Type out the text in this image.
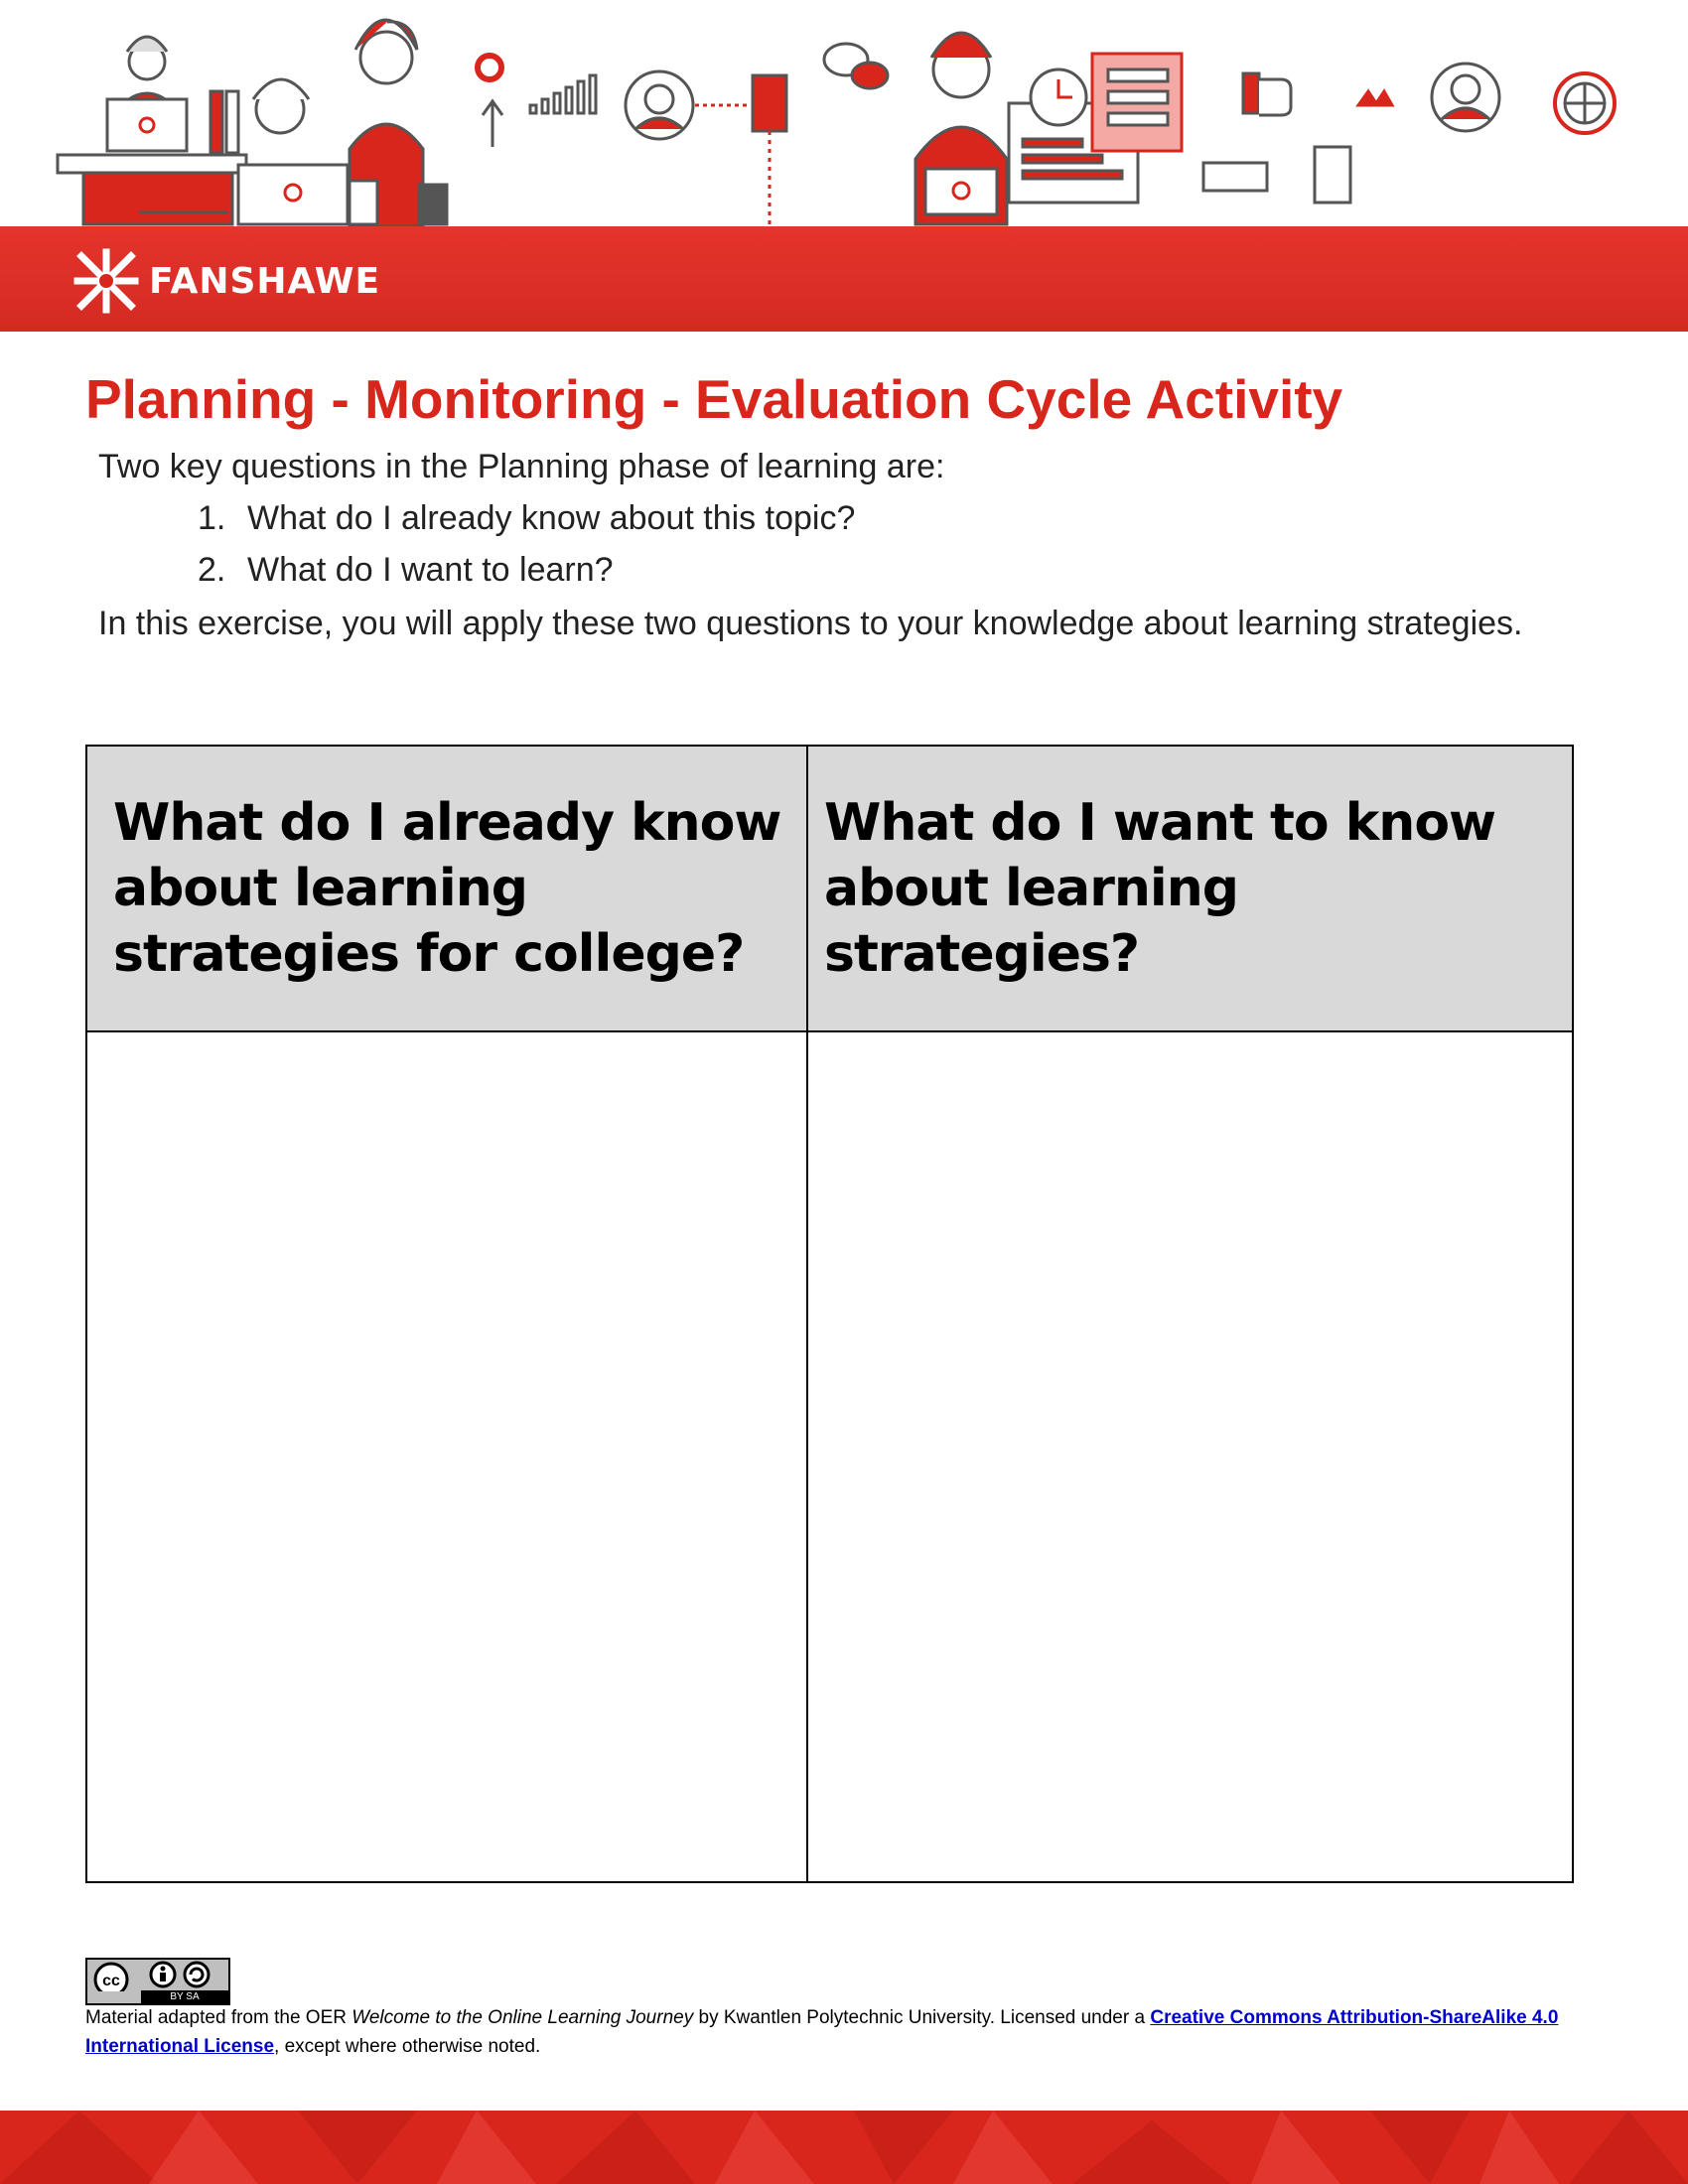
FANSHAWE
Planning - Monitoring - Evaluation Cycle Activity

Two key questions in the Planning phase of learning are:

1. What do I already know about this topic?
2. What do I want to learn?

In this exercise, you will apply these two questions to your knowledge about learning strategies.

What do I already know about learning strategies for college?	What do I want to know about learning strategies?

cc
BY SA
Material adapted from the OER Welcome to the Online Learning Journey by Kwantlen Polytechnic University. Licensed under a Creative Commons Attribution-ShareAlike 4.0 International License, except where otherwise noted.
